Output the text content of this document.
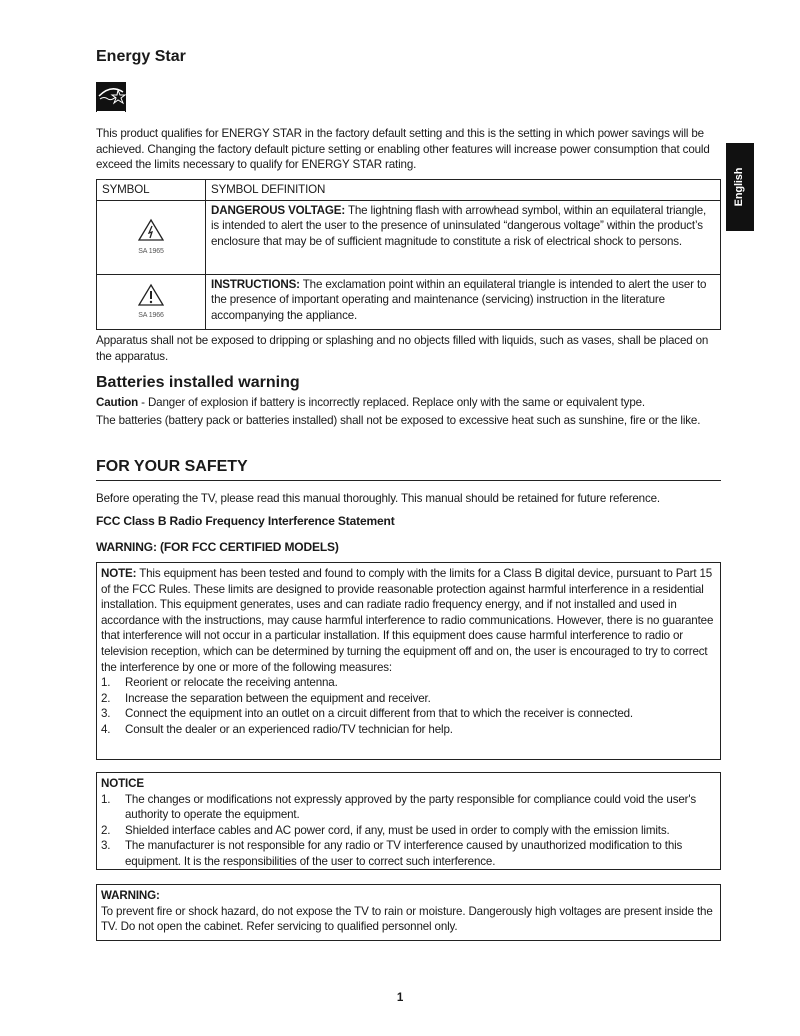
Energy Star

This product qualifies for ENERGY STAR in the factory default setting and this is the setting in which power savings will be achieved. Changing the factory default picture setting or enabling other features will increase power consumption that could exceed the limits necessary to qualify for ENERGY STAR rating.

English
SYMBOL	SYMBOL DEFINITION

SA 1965	DANGEROUS VOLTAGE: The lightning flash with arrowhead symbol, within an equilateral triangle, is intended to alert the user to the presence of uninsulated “dangerous voltage” within the product’s enclosure that may be of sufficient magnitude to constitute a risk of electrical shock to persons.

SA 1966	INSTRUCTIONS: The exclamation point within an equilateral triangle is intended to alert the user to the presence of important operating and maintenance (servicing) instruction in the literature accompanying the appliance.

Apparatus shall not be exposed to dripping or splashing and no objects filled with liquids, such as vases, shall be placed on the apparatus.

Batteries installed warning

Caution - Danger of explosion if battery is incorrectly replaced. Replace only with the same or equivalent type.

The batteries (battery pack or batteries installed) shall not be exposed to excessive heat such as sunshine, fire or the like.

FOR YOUR SAFETY

Before operating the TV, please read this manual thoroughly. This manual should be retained for future reference.

FCC Class B Radio Frequency Interference Statement

WARNING: (FOR FCC CERTIFIED MODELS)

NOTE: This equipment has been tested and found to comply with the limits for a Class B digital device, pursuant to Part 15 of the FCC Rules. These limits are designed to provide reasonable protection against harmful interference in a residential installation. This equipment generates, uses and can radiate radio frequency energy, and if not installed and used in accordance with the instructions, may cause harmful interference to radio communications. However, there is no guarantee that interference will not occur in a particular installation. If this equipment does cause harmful interference to radio or television reception, which can be determined by turning the equipment off and on, the user is encouraged to try to correct the interference by one or more of the following measures:

1. Reorient or relocate the receiving antenna.
2. Increase the separation between the equipment and receiver.
3. Connect the equipment into an outlet on a circuit different from that to which the receiver is connected.
4. Consult the dealer or an experienced radio/TV technician for help.

NOTICE

1. The changes or modifications not expressly approved by the party responsible for compliance could void the user's authority to operate the equipment.
2. Shielded interface cables and AC power cord, if any, must be used in order to comply with the emission limits.
3. The manufacturer is not responsible for any radio or TV interference caused by unauthorized modification to this equipment. It is the responsibilities of the user to correct such interference.

WARNING:

To prevent fire or shock hazard, do not expose the TV to rain or moisture. Dangerously high voltages are present inside the TV. Do not open the cabinet. Refer servicing to qualified personnel only.

1
